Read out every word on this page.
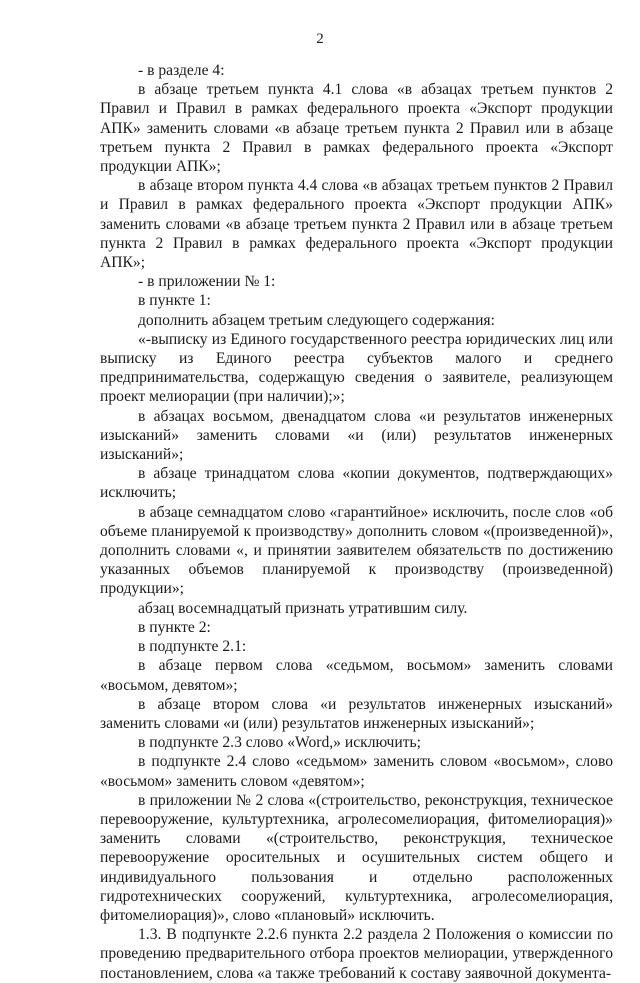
2

- в разделе 4:

в абзаце третьем пункта 4.1 слова «в абзацах третьем пунктов 2 Правил и Правил в рамках федерального проекта «Экспорт продукции АПК» заменить словами «в абзаце третьем пункта 2 Правил или в абзаце третьем пункта 2 Правил в рамках федерального проекта «Экспорт продукции АПК»;

в абзаце втором пункта 4.4 слова «в абзацах третьем пунктов 2 Правил и Правил в рамках федерального проекта «Экспорт продукции АПК» заменить словами «в абзаце третьем пункта 2 Правил или в абзаце третьем пункта 2 Правил в рамках федерального проекта «Экспорт продукции АПК»;

- в приложении № 1:

в пункте 1:

дополнить абзацем третьим следующего содержания:

«-выписку из Единого государственного реестра юридических лиц или выписку из Единого реестра субъектов малого и среднего предпринимательства, содержащую сведения о заявителе, реализующем проект мелиорации (при наличии);»;

в абзацах восьмом, двенадцатом слова «и результатов инженерных изысканий» заменить словами «и (или) результатов инженерных изысканий»;

в абзаце тринадцатом слова «копии документов, подтверждающих» исключить;

в абзаце семнадцатом слово «гарантийное» исключить, после слов «об объеме планируемой к производству» дополнить словом «(произведенной)», дополнить словами «, и принятии заявителем обязательств по достижению указанных объемов планируемой к производству (произведенной) продукции»;

абзац восемнадцатый признать утратившим силу.

в пункте 2:

в подпункте 2.1:

в абзаце первом слова «седьмом, восьмом» заменить словами «восьмом, девятом»;

в абзаце втором слова «и результатов инженерных изысканий» заменить словами «и (или) результатов инженерных изысканий»;

в подпункте 2.3 слово «Word,» исключить;

в подпункте 2.4 слово «седьмом» заменить словом «восьмом», слово «восьмом» заменить словом «девятом»;

в приложении № 2 слова «(строительство, реконструкция, техническое перевооружение, культуртехника, агролесомелиорация, фитомелиорация)» заменить словами «(строительство, реконструкция, техническое перевооружение оросительных и осушительных систем общего и индивидуального пользования и отдельно расположенных гидротехнических сооружений, культуртехника, агролесомелиорация, фитомелиорация)», слово «плановый» исключить.

1.3. В подпункте 2.2.6 пункта 2.2 раздела 2 Положения о комиссии по проведению предварительного отбора проектов мелиорации, утвержденного постановлением, слова «а также требований к составу заявочной документа-
